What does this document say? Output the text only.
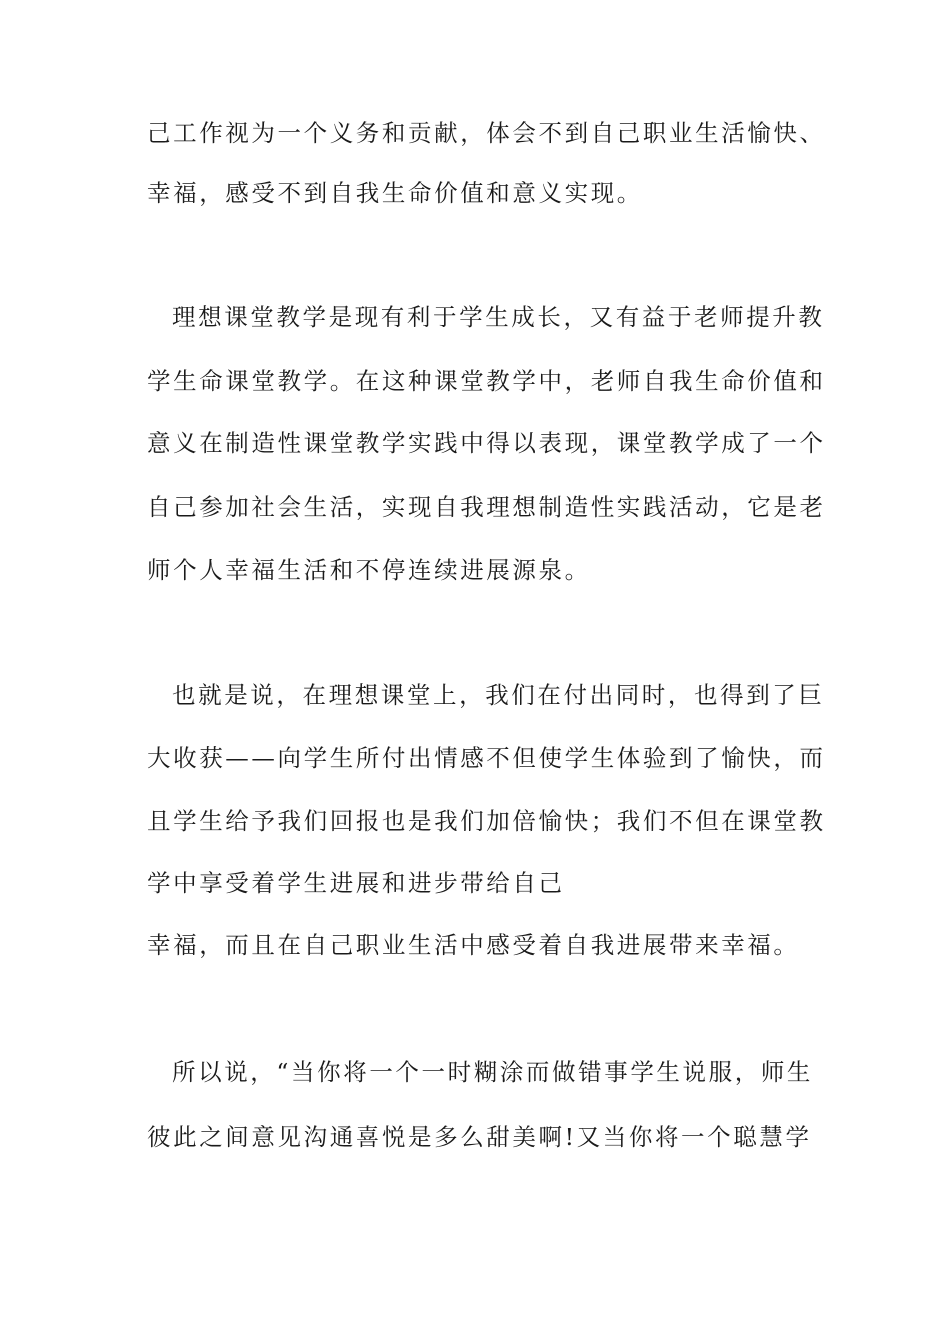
己工作视为一个义务和贡献，体会不到自己职业生活愉快、
幸福，感受不到自我生命价值和意义实现。
理想课堂教学是现有利于学生成长，又有益于老师提升教
学生命课堂教学。在这种课堂教学中，老师自我生命价值和
意义在制造性课堂教学实践中得以表现，课堂教学成了一个
自己参加社会生活，实现自我理想制造性实践活动，它是老
师个人幸福生活和不停连续进展源泉。
也就是说，在理想课堂上，我们在付出同时，也得到了巨
大收获——向学生所付出情感不但使学生体验到了愉快，而
且学生给予我们回报也是我们加倍愉快；我们不但在课堂教
学中享受着学生进展和进步带给自己
幸福，而且在自己职业生活中感受着自我进展带来幸福。
所以说，“当你将一个一时糊涂而做错事学生说服，师生
彼此之间意见沟通喜悦是多么甜美啊!又当你将一个聪慧学
